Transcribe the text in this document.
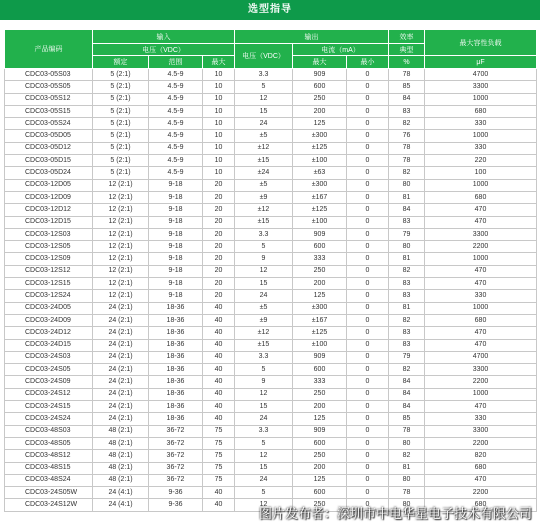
选型指导
产品编码	输入			输出			效率	最大容性负载
	电压（VDC）			电压（VDC）	电流（mA）		典型	
	额定	范围	最大		最大	最小	%	μF
CDC03-05S03	5 (2:1)	4.5-9	10	3.3	909	0	78	4700
CDC03-05S05	5 (2:1)	4.5-9	10	5	600	0	85	3300
CDC03-05S12	5 (2:1)	4.5-9	10	12	250	0	84	1000
CDC03-05S15	5 (2:1)	4.5-9	10	15	200	0	83	680
CDC03-05S24	5 (2:1)	4.5-9	10	24	125	0	82	330
CDC03-05D05	5 (2:1)	4.5-9	10	±5	±300	0	76	1000
CDC03-05D12	5 (2:1)	4.5-9	10	±12	±125	0	78	330
CDC03-05D15	5 (2:1)	4.5-9	10	±15	±100	0	78	220
CDC03-05D24	5 (2:1)	4.5-9	10	±24	±63	0	82	100
CDC03-12D05	12 (2:1)	9-18	20	±5	±300	0	80	1000
CDC03-12D09	12 (2:1)	9-18	20	±9	±167	0	81	680
CDC03-12D12	12 (2:1)	9-18	20	±12	±125	0	84	470
CDC03-12D15	12 (2:1)	9-18	20	±15	±100	0	83	470
CDC03-12S03	12 (2:1)	9-18	20	3.3	909	0	79	3300
CDC03-12S05	12 (2:1)	9-18	20	5	600	0	80	2200
CDC03-12S09	12 (2:1)	9-18	20	9	333	0	81	1000
CDC03-12S12	12 (2:1)	9-18	20	12	250	0	82	470
CDC03-12S15	12 (2:1)	9-18	20	15	200	0	83	470
CDC03-12S24	12 (2:1)	9-18	20	24	125	0	83	330
CDC03-24D05	24 (2:1)	18-36	40	±5	±300	0	81	1000
CDC03-24D09	24 (2:1)	18-36	40	±9	±167	0	82	680
CDC03-24D12	24 (2:1)	18-36	40	±12	±125	0	83	470
CDC03-24D15	24 (2:1)	18-36	40	±15	±100	0	83	470
CDC03-24S03	24 (2:1)	18-36	40	3.3	909	0	79	4700
CDC03-24S05	24 (2:1)	18-36	40	5	600	0	82	3300
CDC03-24S09	24 (2:1)	18-36	40	9	333	0	84	2200
CDC03-24S12	24 (2:1)	18-36	40	12	250	0	84	1000
CDC03-24S15	24 (2:1)	18-36	40	15	200	0	84	470
CDC03-24S24	24 (2:1)	18-36	40	24	125	0	85	330
CDC03-48S03	48 (2:1)	36-72	75	3.3	909	0	78	3300
CDC03-48S05	48 (2:1)	36-72	75	5	600	0	80	2200
CDC03-48S12	48 (2:1)	36-72	75	12	250	0	82	820
CDC03-48S15	48 (2:1)	36-72	75	15	200	0	81	680
CDC03-48S24	48 (2:1)	36-72	75	24	125	0	80	470
CDC03-24S05W	24 (4:1)	9-36	40	5	600	0	78	2200
CDC03-24S12W	24 (4:1)	9-36	40	12	250	0	80	680
图片发布者：深圳市中电华星电子技术有限公司
